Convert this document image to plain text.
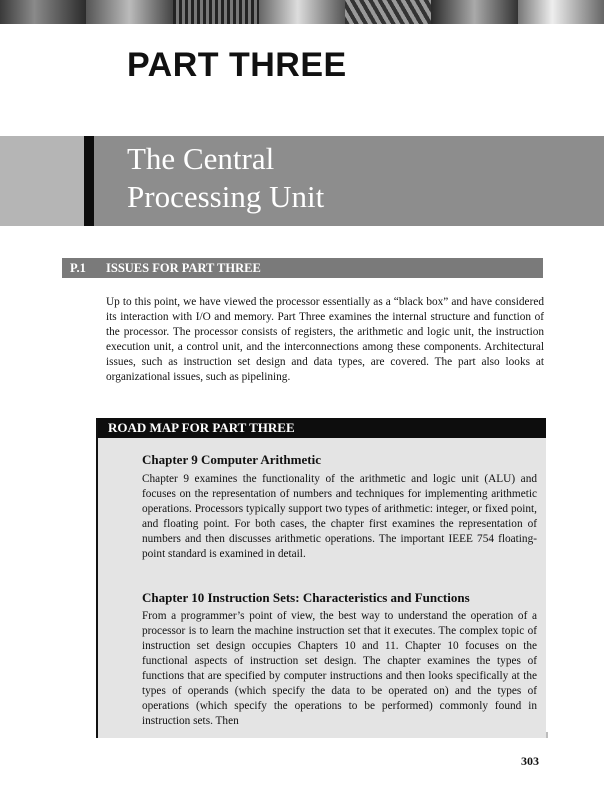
PART THREE
The Central
Processing Unit
P.1	ISSUES FOR PART THREE

Up to this point, we have viewed the processor essentially as a “black box” and have considered its interaction with I/O and memory. Part Three examines the internal structure and function of the processor. The processor consists of registers, the arithmetic and logic unit, the instruction execution unit, a control unit, and the interconnections among these components. Architectural issues, such as instruction set design and data types, are covered. The part also looks at organizational issues, such as pipelining.

ROAD MAP FOR PART THREE

Chapter 9 Computer Arithmetic

Chapter 9 examines the functionality of the arithmetic and logic unit (ALU) and focuses on the representation of numbers and techniques for implementing arithmetic operations. Processors typically support two types of arithmetic: integer, or fixed point, and floating point. For both cases, the chapter first examines the representation of numbers and then discusses arithmetic operations. The important IEEE 754 floating-point standard is examined in detail.

Chapter 10 Instruction Sets: Characteristics and Functions

From a programmer’s point of view, the best way to understand the operation of a processor is to learn the machine instruction set that it executes. The complex topic of instruction set design occupies Chapters 10 and 11. Chapter 10 focuses on the functional aspects of instruction set design. The chapter examines the types of functions that are specified by computer instructions and then looks specifically at the types of operands (which specify the data to be operated on) and the types of operations (which specify the operations to be performed) commonly found in instruction sets. Then

303
